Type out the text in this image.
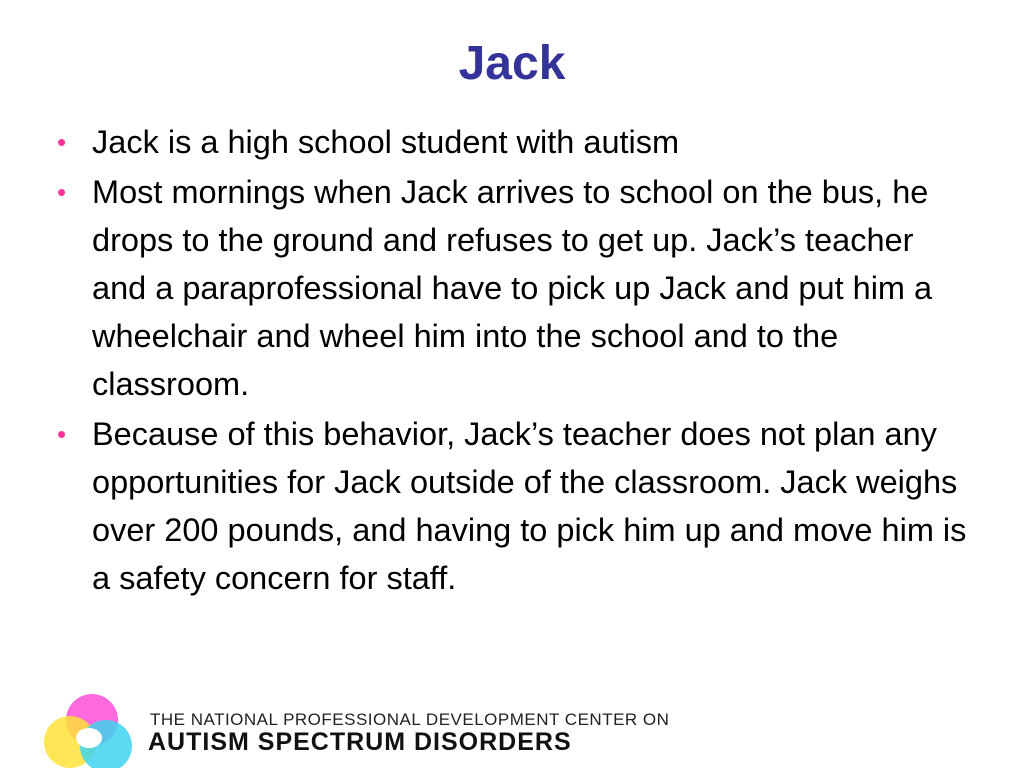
Jack
• Jack is a high school student with autism
• Most mornings when Jack arrives to school on the bus, he drops to the ground and refuses to get up. Jack’s teacher and a paraprofessional have to pick up Jack and put him a wheelchair and wheel him into the school and to the classroom.
• Because of this behavior, Jack’s teacher does not plan any opportunities for Jack outside of the classroom. Jack weighs over 200 pounds, and having to pick him up and move him is a safety concern for staff.
THE NATIONAL PROFESSIONAL DEVELOPMENT CENTER ON
AUTISM SPECTRUM DISORDERS
